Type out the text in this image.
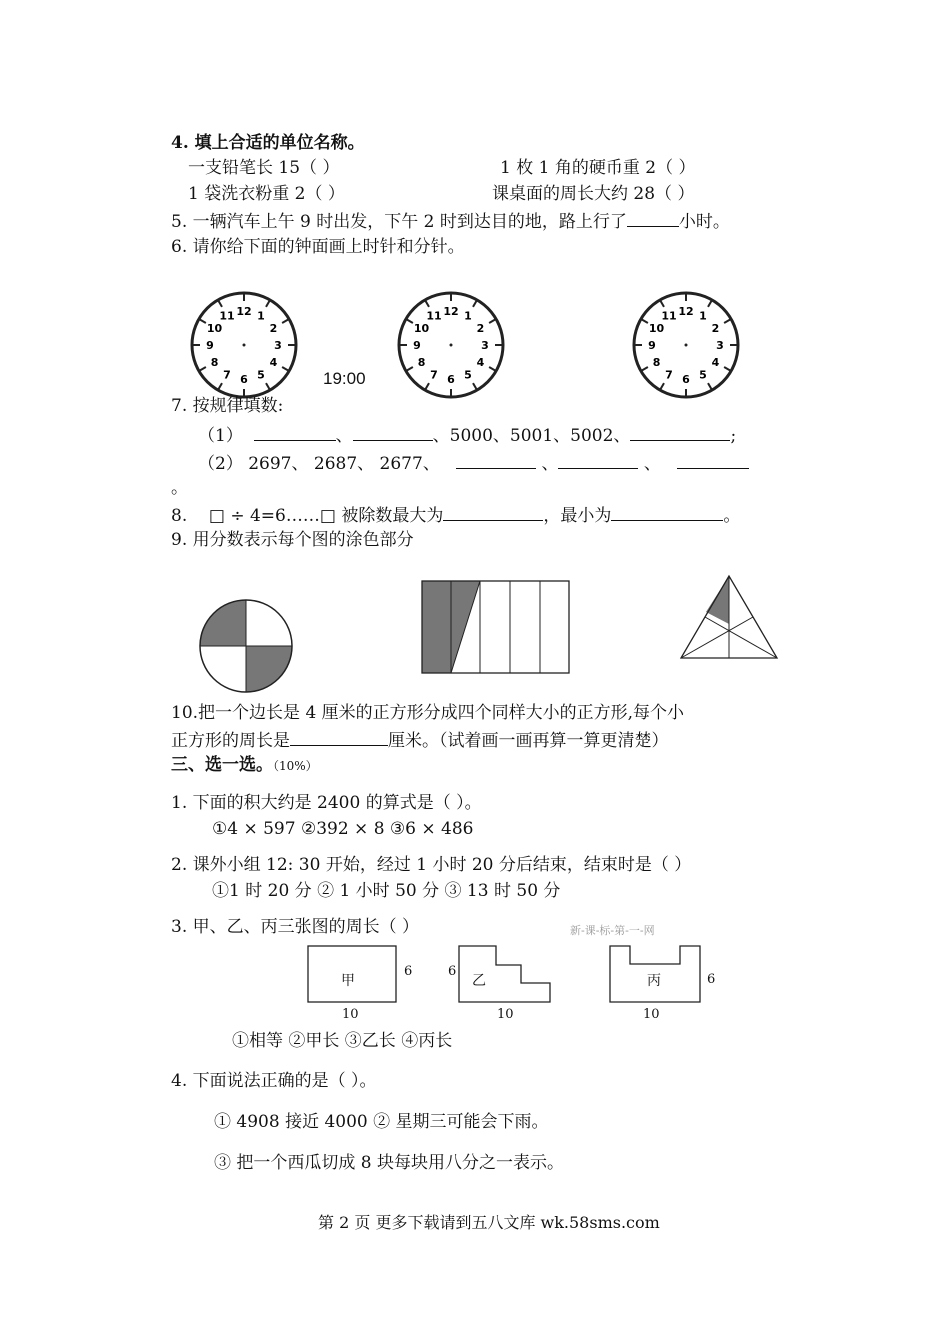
4. 填上合适的单位名称。
一支铅笔长 15（ ）	1 枚 1 角的硬币重 2（ ）
1 袋洗衣粉重 2（ ）	课桌面的周长大约 28（ ）
5. 一辆汽车上午 9 时出发，下午 2 时到达目的地，路上行了	小时。
6. 请你给下面的钟面画上时针和分针。
12 1
2
3
4
5
6
7
8
9
10
11	12 1
2
3
4
5
6
7
8
9
10
11	12 1
2
3
4
5
6
7
8
9
10
11
19:00
7. 按规律填数:
（1）	、	、5000、5001、5002、	;
（2） 2697、 2687、 2677、	、	、
。
8. □ ÷ 4=6……□ 被除数最大为	，最小为	。
9. 用分数表示每个图的涂色部分
10.把一个边长是 4 厘米的正方形分成四个同样大小的正方形,每个小
正方形的周长是	厘米。（试着画一画再算一算更清楚）
三、选一选。（10%）
1. 下面的积大约是 2400 的算式是（ ）。
①4 × 597 ②392 × 8 ③6 × 486
2. 课外小组 12: 30 开始，经过 1 小时 20 分后结束，结束时是（ ）
①1 时 20 分 ② 1 小时 50 分 ③ 13 时 50 分
3. 甲、乙、丙三张图的周长（ ）	新-课-标-第-一-网
甲	乙	丙
6	6
6
10	10	10
①相等 ②甲长 ③乙长 ④丙长
4. 下面说法正确的是（ ）。
① 4908 接近 4000 ② 星期三可能会下雨。
③ 把一个西瓜切成 8 块每块用八分之一表示。
第 2 页 更多下载请到五八文库 wk.58sms.com
